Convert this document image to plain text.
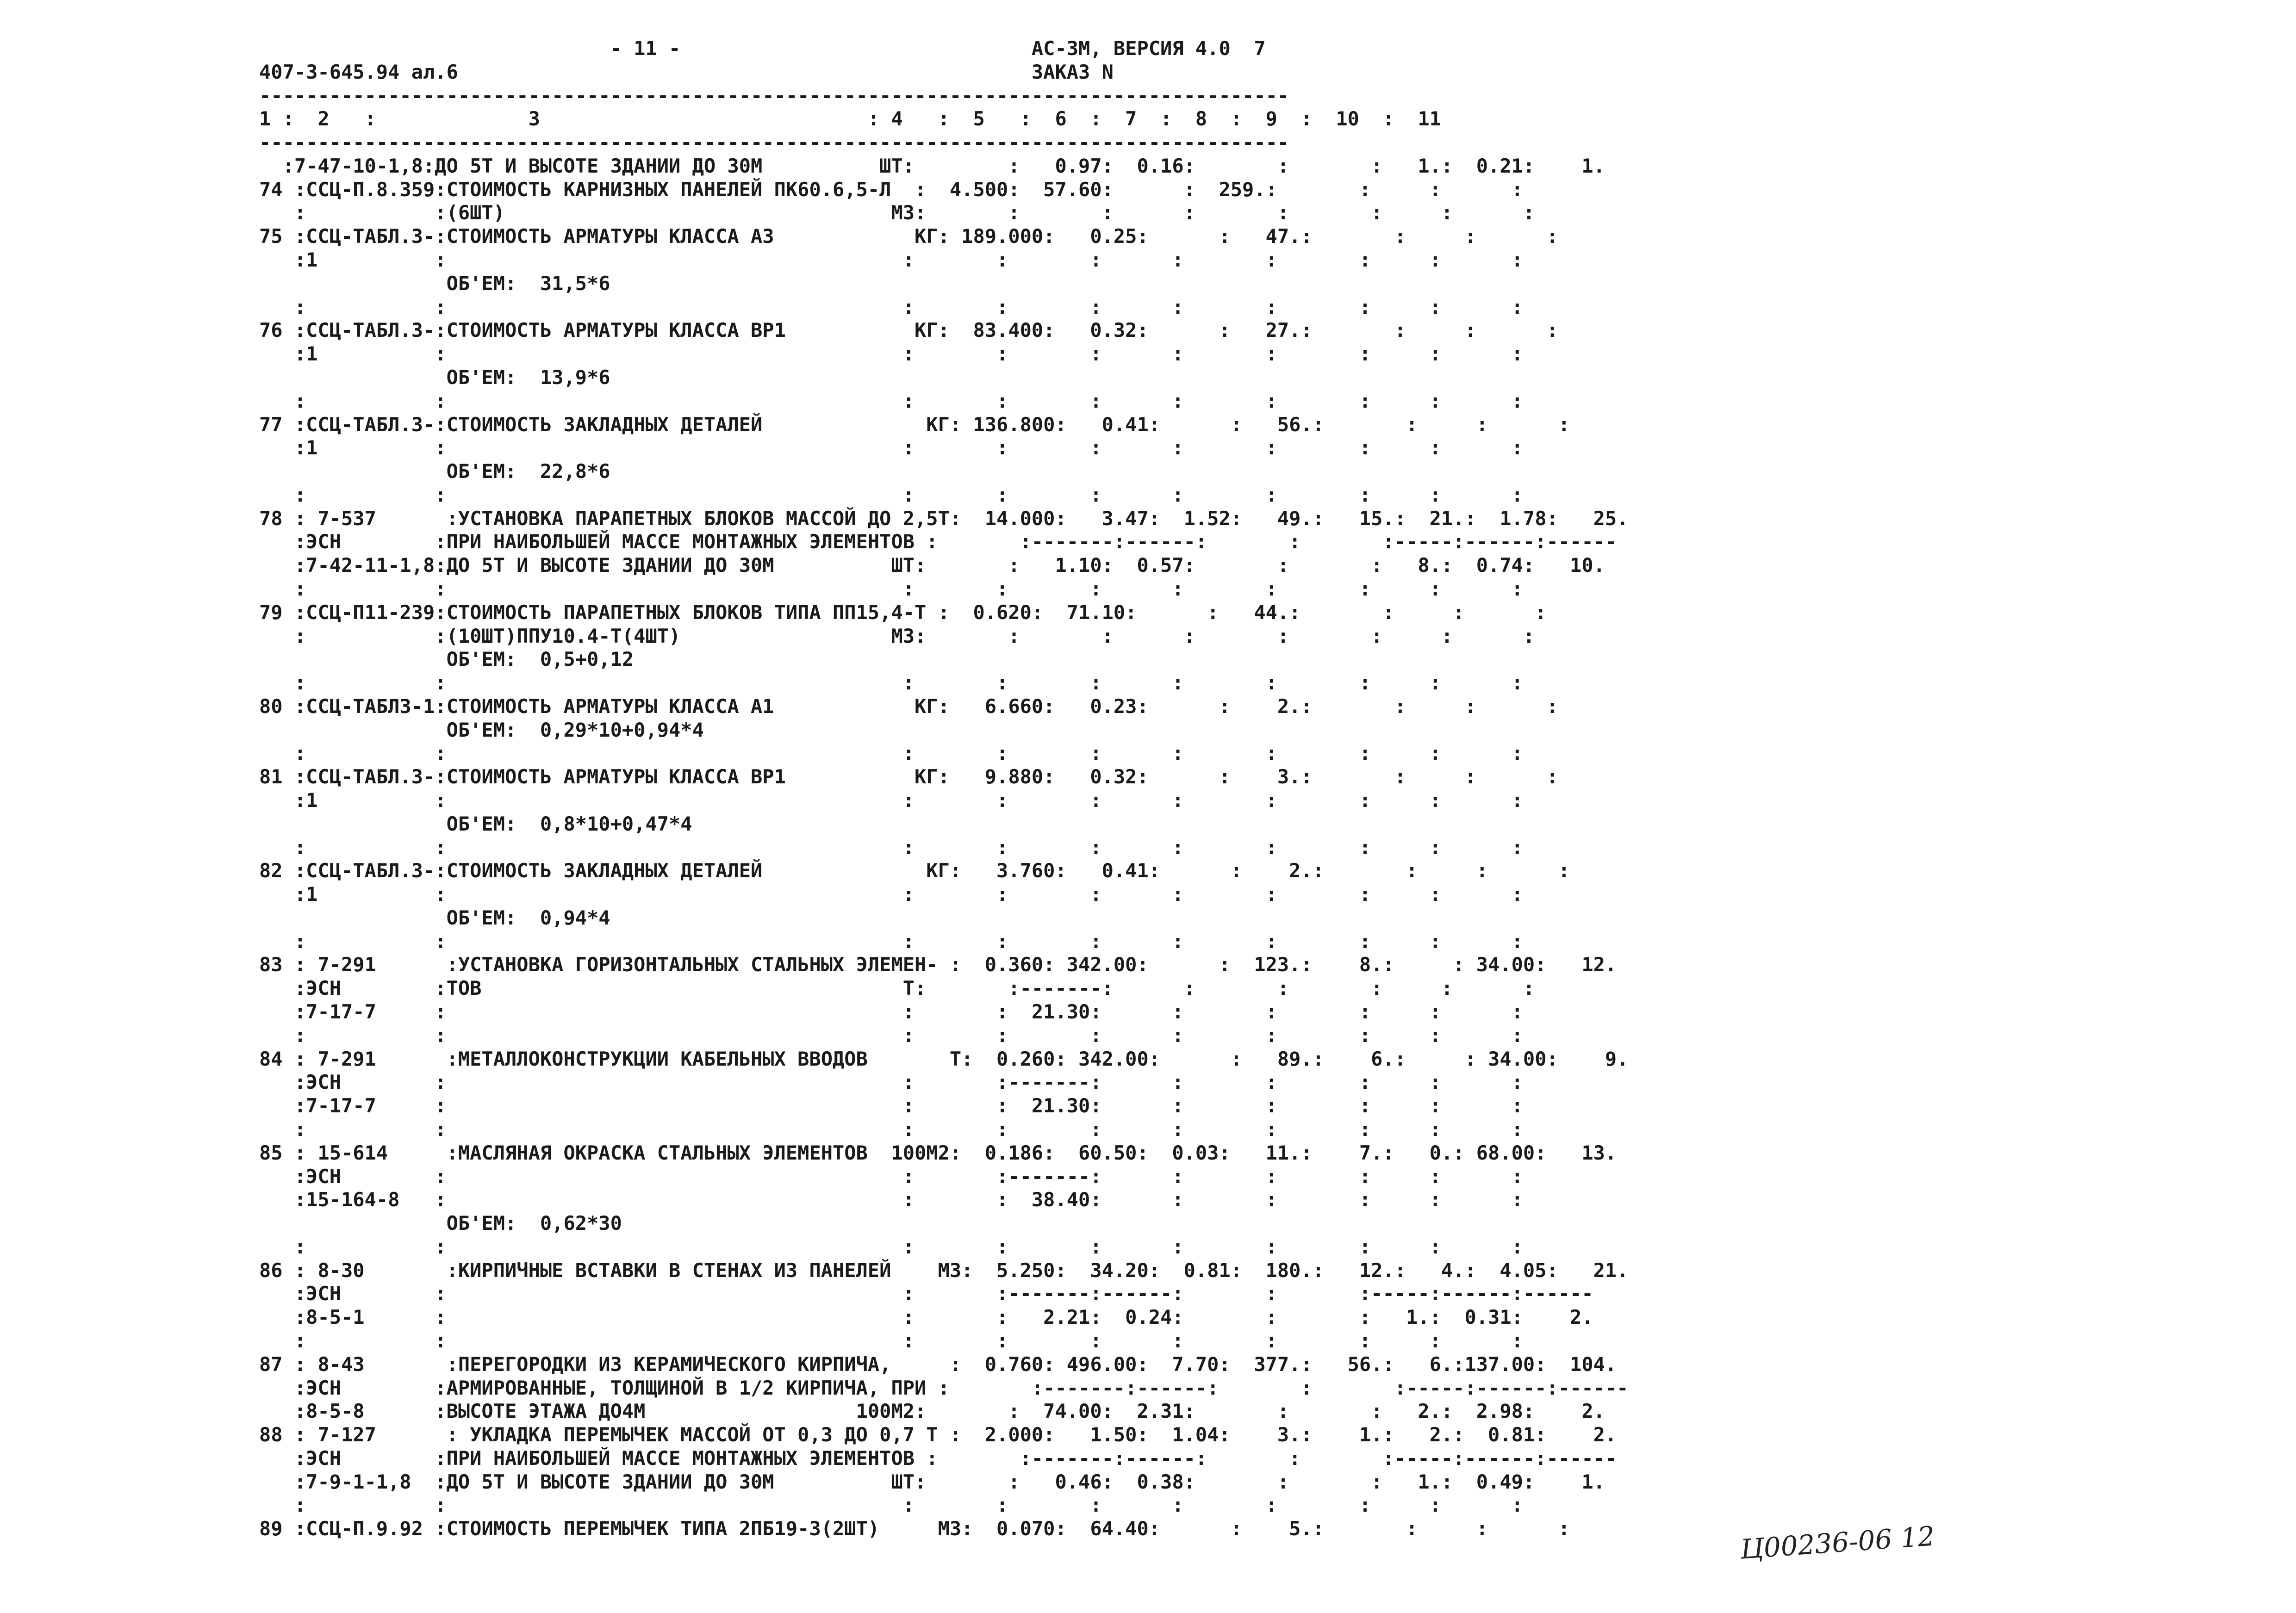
- 11 -                              АС-ЗМ, ВЕРСИЯ 4.0  7
407-3-645.94 ал.6                                                 ЗАКАЗ N
----------------------------------------------------------------------------------------
1 :  2   :             3                            : 4   :  5   :  6  :  7  :  8  :  9  :  10  :  11
----------------------------------------------------------------------------------------
:7-47-10-1,8:ДО 5Т И ВЫСОТЕ ЗДАНИИ ДО 30М          ШТ:        :   0.97:  0.16:       :       :   1.:  0.21:    1.
74 :ССЦ-П.8.359:СТОИМОСТЬ КАРНИЗНЫХ ПАНЕЛЕЙ ПК60.6,5-Л  :  4.500:  57.60:      :  259.:       :     :      :
:           :(6ШТ)                                 М3:       :       :      :       :       :     :      :
75 :ССЦ-ТАБЛ.3-:СТОИМОСТЬ АРМАТУРЫ КЛАССА А3            КГ: 189.000:   0.25:      :   47.:       :     :      :
:1          :                                       :       :       :      :       :       :     :      :
ОБ'ЕМ:  31,5*6
:           :                                       :       :       :      :       :       :     :      :
76 :ССЦ-ТАБЛ.3-:СТОИМОСТЬ АРМАТУРЫ КЛАССА ВР1           КГ:  83.400:   0.32:      :   27.:       :     :      :
:1          :                                       :       :       :      :       :       :     :      :
ОБ'ЕМ:  13,9*6
:           :                                       :       :       :      :       :       :     :      :
77 :ССЦ-ТАБЛ.3-:СТОИМОСТЬ ЗАКЛАДНЫХ ДЕТАЛЕЙ              КГ: 136.800:   0.41:      :   56.:       :     :      :
:1          :                                       :       :       :      :       :       :     :      :
ОБ'ЕМ:  22,8*6
:           :                                       :       :       :      :       :       :     :      :
78 : 7-537      :УСТАНОВКА ПАРАПЕТНЫХ БЛОКОВ МАССОЙ ДО 2,5Т:  14.000:   3.47:  1.52:   49.:   15.:  21.:  1.78:   25.
:ЭСН        :ПРИ НАИБОЛЬШЕЙ МАССЕ МОНТАЖНЫХ ЭЛЕМЕНТОВ :       :-------:------:       :       :-----:------:------
:7-42-11-1,8:ДО 5Т И ВЫСОТЕ ЗДАНИИ ДО 30М          ШТ:       :   1.10:  0.57:       :       :   8.:  0.74:   10.
:           :                                       :       :       :      :       :       :     :      :
79 :ССЦ-П11-239:СТОИМОСТЬ ПАРАПЕТНЫХ БЛОКОВ ТИПА ПП15,4-Т :  0.620:  71.10:      :   44.:       :     :      :
:           :(10ШТ)ППУ10.4-Т(4ШТ)                  М3:       :       :      :       :       :     :      :
ОБ'ЕМ:  0,5+0,12
:           :                                       :       :       :      :       :       :     :      :
80 :ССЦ-ТАБЛ3-1:СТОИМОСТЬ АРМАТУРЫ КЛАССА А1            КГ:   6.660:   0.23:      :    2.:       :     :      :
ОБ'ЕМ:  0,29*10+0,94*4
:           :                                       :       :       :      :       :       :     :      :
81 :ССЦ-ТАБЛ.3-:СТОИМОСТЬ АРМАТУРЫ КЛАССА ВР1           КГ:   9.880:   0.32:      :    3.:       :     :      :
:1          :                                       :       :       :      :       :       :     :      :
ОБ'ЕМ:  0,8*10+0,47*4
:           :                                       :       :       :      :       :       :     :      :
82 :ССЦ-ТАБЛ.3-:СТОИМОСТЬ ЗАКЛАДНЫХ ДЕТАЛЕЙ              КГ:   3.760:   0.41:      :    2.:       :     :      :
:1          :                                       :       :       :      :       :       :     :      :
ОБ'ЕМ:  0,94*4
:           :                                       :       :       :      :       :       :     :      :
83 : 7-291      :УСТАНОВКА ГОРИЗОНТАЛЬНЫХ СТАЛЬНЫХ ЭЛЕМЕН- :  0.360: 342.00:      :  123.:    8.:     : 34.00:   12.
:ЭСН        :ТОВ                                    Т:       :-------:      :       :       :     :      :
:7-17-7     :                                       :       :  21.30:      :       :       :     :      :
:           :                                       :       :       :      :       :       :     :      :
84 : 7-291      :МЕТАЛЛОКОНСТРУКЦИИ КАБЕЛЬНЫХ ВВОДОВ       Т:  0.260: 342.00:      :   89.:    6.:     : 34.00:    9.
:ЭСН        :                                       :       :-------:      :       :       :     :      :
:7-17-7     :                                       :       :  21.30:      :       :       :     :      :
:           :                                       :       :       :      :       :       :     :      :
85 : 15-614     :МАСЛЯНАЯ ОКРАСКА СТАЛЬНЫХ ЭЛЕМЕНТОВ  100М2:  0.186:  60.50:  0.03:   11.:    7.:   0.: 68.00:   13.
:ЭСН        :                                       :       :-------:      :       :       :     :      :
:15-164-8   :                                       :       :  38.40:      :       :       :     :      :
ОБ'ЕМ:  0,62*30
:           :                                       :       :       :      :       :       :     :      :
86 : 8-30       :КИРПИЧНЫЕ ВСТАВКИ В СТЕНАХ ИЗ ПАНЕЛЕЙ    М3:  5.250:  34.20:  0.81:  180.:   12.:   4.:  4.05:   21.
:ЭСН        :                                       :       :-------:------:       :       :-----:------:------
:8-5-1      :                                       :       :   2.21:  0.24:       :       :   1.:  0.31:    2.
:           :                                       :       :       :      :       :       :     :      :
87 : 8-43       :ПЕРЕГОРОДКИ ИЗ КЕРАМИЧЕСКОГО КИРПИЧА,     :  0.760: 496.00:  7.70:  377.:   56.:   6.:137.00:  104.
:ЭСН        :АРМИРОВАННЫЕ, ТОЛЩИНОЙ В 1/2 КИРПИЧА, ПРИ :       :-------:------:       :       :-----:------:------
:8-5-8      :ВЫСОТЕ ЭТАЖА ДО4М                  100М2:       :  74.00:  2.31:       :       :   2.:  2.98:    2.
88 : 7-127      : УКЛАДКА ПЕРЕМЫЧЕК МАССОЙ ОТ 0,3 ДО 0,7 Т :  2.000:   1.50:  1.04:    3.:    1.:   2.:  0.81:    2.
:ЭСН        :ПРИ НАИБОЛЬШЕЙ МАССЕ МОНТАЖНЫХ ЭЛЕМЕНТОВ :       :-------:------:       :       :-----:------:------
:7-9-1-1,8  :ДО 5Т И ВЫСОТЕ ЗДАНИИ ДО 30М          ШТ:       :   0.46:  0.38:       :       :   1.:  0.49:    1.
:           :                                       :       :       :      :       :       :     :      :
89 :ССЦ-П.9.92 :СТОИМОСТЬ ПЕРЕМЫЧЕК ТИПА 2ПБ19-3(2ШТ)     М3:  0.070:  64.40:      :    5.:       :     :      :	Ц00236-06 12
